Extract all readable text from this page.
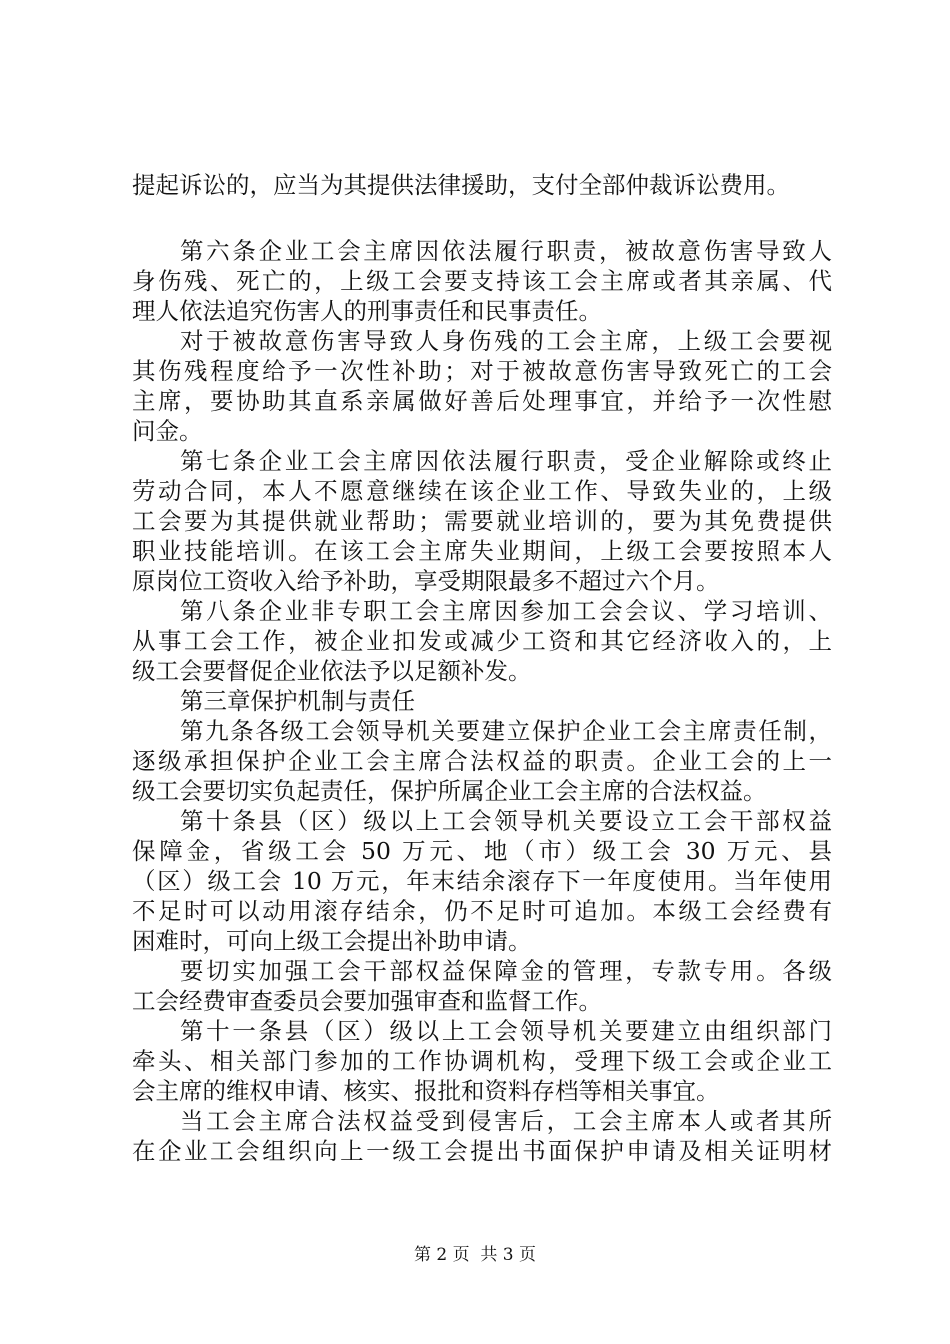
提起诉讼的，应当为其提供法律援助，支付全部仲裁诉讼费用。
第六条企业工会主席因依法履行职责，被故意伤害导致人
身伤残、死亡的，上级工会要支持该工会主席或者其亲属、代
理人依法追究伤害人的刑事责任和民事责任。
对于被故意伤害导致人身伤残的工会主席，上级工会要视
其伤残程度给予一次性补助；对于被故意伤害导致死亡的工会
主席，要协助其直系亲属做好善后处理事宜，并给予一次性慰
问金。
第七条企业工会主席因依法履行职责，受企业解除或终止
劳动合同，本人不愿意继续在该企业工作、导致失业的，上级
工会要为其提供就业帮助；需要就业培训的，要为其免费提供
职业技能培训。在该工会主席失业期间，上级工会要按照本人
原岗位工资收入给予补助，享受期限最多不超过六个月。
第八条企业非专职工会主席因参加工会会议、学习培训、
从事工会工作，被企业扣发或减少工资和其它经济收入的，上
级工会要督促企业依法予以足额补发。
第三章保护机制与责任
第九条各级工会领导机关要建立保护企业工会主席责任制，
逐级承担保护企业工会主席合法权益的职责。企业工会的上一
级工会要切实负起责任，保护所属企业工会主席的合法权益。
第十条县（区）级以上工会领导机关要设立工会干部权益
保障金，省级工会 50 万元、地（市）级工会 30 万元、县
（区）级工会 10 万元，年末结余滚存下一年度使用。当年使用
不足时可以动用滚存结余，仍不足时可追加。本级工会经费有
困难时，可向上级工会提出补助申请。
要切实加强工会干部权益保障金的管理，专款专用。各级
工会经费审查委员会要加强审查和监督工作。
第十一条县（区）级以上工会领导机关要建立由组织部门
牵头、相关部门参加的工作协调机构，受理下级工会或企业工
会主席的维权申请、核实、报批和资料存档等相关事宜。
当工会主席合法权益受到侵害后，工会主席本人或者其所
在企业工会组织向上一级工会提出书面保护申请及相关证明材
第 2 页  共 3 页
